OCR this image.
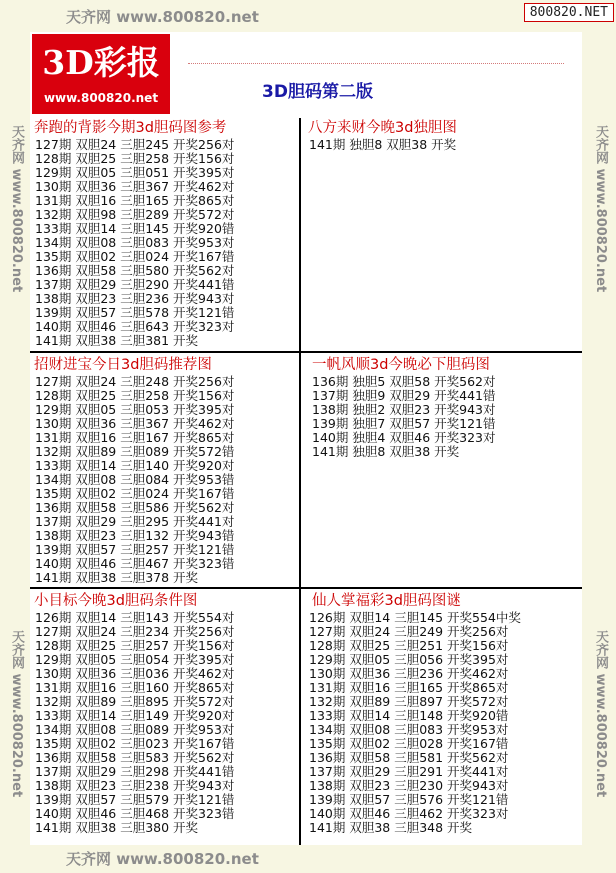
天齐网 www.800820.net	800820.NET
天齐网 www.800820.net
天齐网 www.800820.net
天齐网 www.800820.net
天齐网 www.800820.net
3D彩报
www.800820.net	3D胆码第二版
奔跑的背影今期3d胆码图参考
127期 双胆24 三胆245 开奖256对
128期 双胆25 三胆258 开奖156对
129期 双胆05 三胆051 开奖395对
130期 双胆36 三胆367 开奖462对
131期 双胆16 三胆165 开奖865对
132期 双胆98 三胆289 开奖572对
133期 双胆14 三胆145 开奖920错
134期 双胆08 三胆083 开奖953对
135期 双胆02 三胆024 开奖167错
136期 双胆58 三胆580 开奖562对
137期 双胆29 三胆290 开奖441错
138期 双胆23 三胆236 开奖943对
139期 双胆57 三胆578 开奖121错
140期 双胆46 三胆643 开奖323对
141期 双胆38 三胆381 开奖
八方来财今晚3d独胆图
141期 独胆8 双胆38 开奖
招财进宝今日3d胆码推荐图
127期 双胆24 三胆248 开奖256对
128期 双胆25 三胆258 开奖156对
129期 双胆05 三胆053 开奖395对
130期 双胆36 三胆367 开奖462对
131期 双胆16 三胆167 开奖865对
132期 双胆89 三胆089 开奖572错
133期 双胆14 三胆140 开奖920对
134期 双胆08 三胆084 开奖953错
135期 双胆02 三胆024 开奖167错
136期 双胆58 三胆586 开奖562对
137期 双胆29 三胆295 开奖441对
138期 双胆23 三胆132 开奖943错
139期 双胆57 三胆257 开奖121错
140期 双胆46 三胆467 开奖323错
141期 双胆38 三胆378 开奖
一帆风顺3d今晚必下胆码图
136期 独胆5 双胆58 开奖562对
137期 独胆9 双胆29 开奖441错
138期 独胆2 双胆23 开奖943对
139期 独胆7 双胆57 开奖121错
140期 独胆4 双胆46 开奖323对
141期 独胆8 双胆38 开奖
小目标今晚3d胆码条件图
126期 双胆14 三胆143 开奖554对
127期 双胆24 三胆234 开奖256对
128期 双胆25 三胆257 开奖156对
129期 双胆05 三胆054 开奖395对
130期 双胆36 三胆036 开奖462对
131期 双胆16 三胆160 开奖865对
132期 双胆89 三胆895 开奖572对
133期 双胆14 三胆149 开奖920对
134期 双胆08 三胆089 开奖953对
135期 双胆02 三胆023 开奖167错
136期 双胆58 三胆583 开奖562对
137期 双胆29 三胆298 开奖441错
138期 双胆23 三胆238 开奖943对
139期 双胆57 三胆579 开奖121错
140期 双胆46 三胆468 开奖323错
141期 双胆38 三胆380 开奖
仙人掌福彩3d胆码图谜
126期 双胆14 三胆145 开奖554中奖
127期 双胆24 三胆249 开奖256对
128期 双胆25 三胆251 开奖156对
129期 双胆05 三胆056 开奖395对
130期 双胆36 三胆236 开奖462对
131期 双胆16 三胆165 开奖865对
132期 双胆89 三胆897 开奖572对
133期 双胆14 三胆148 开奖920错
134期 双胆08 三胆083 开奖953对
135期 双胆02 三胆028 开奖167错
136期 双胆58 三胆581 开奖562对
137期 双胆29 三胆291 开奖441对
138期 双胆23 三胆230 开奖943对
139期 双胆57 三胆576 开奖121错
140期 双胆46 三胆462 开奖323对
141期 双胆38 三胆348 开奖
天齐网 www.800820.net
